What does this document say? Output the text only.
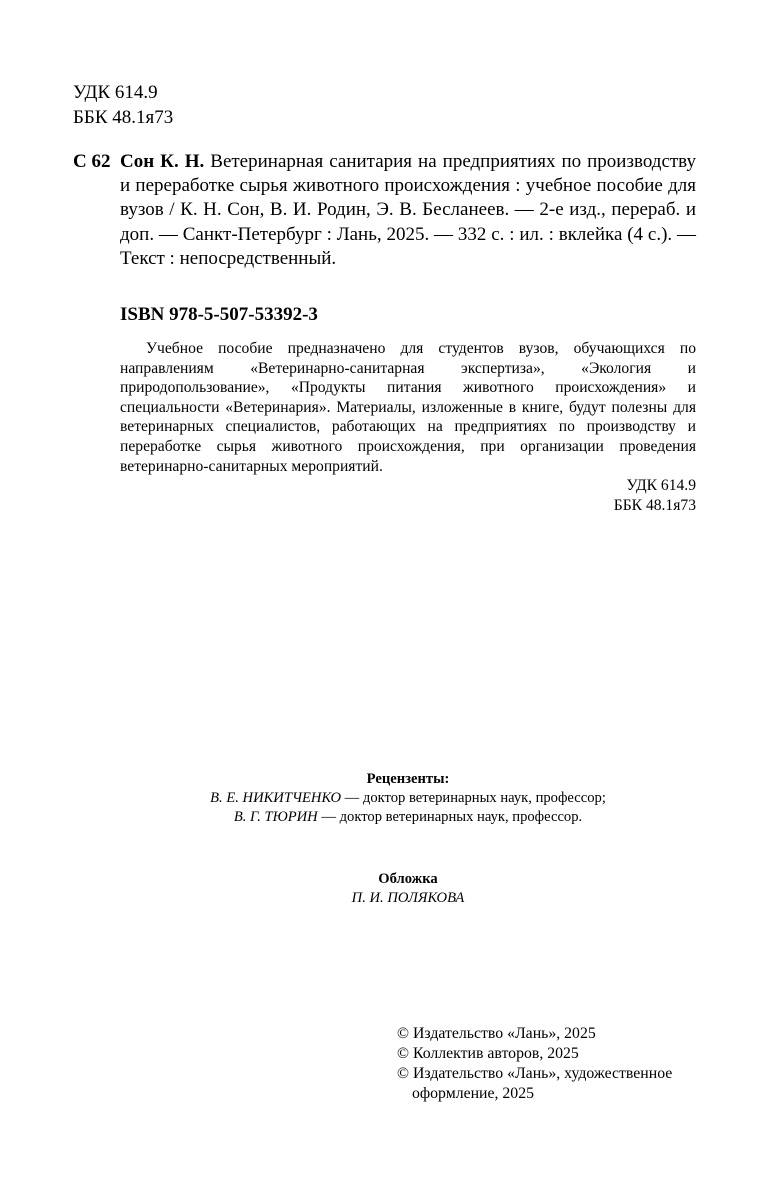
УДК 614.9
ББК 48.1я73
С 62 Сон К. Н. Ветеринарная санитария на предприятиях по производству и переработке сырья животного происхождения : учебное пособие для вузов / К. Н. Сон, В. И. Родин, Э. В. Бесланеев. — 2-е изд., перераб. и доп. — Санкт-Петербург : Лань, 2025. — 332 с. : ил. : вклейка (4 с.). — Текст : непосредственный.
ISBN 978-5-507-53392-3
Учебное пособие предназначено для студентов вузов, обучающихся по направлениям «Ветеринарно-санитарная экспертиза», «Экология и природопользование», «Продукты питания животного происхождения» и специальности «Ветеринария». Материалы, изложенные в книге, будут полезны для ветеринарных специалистов, работающих на предприятиях по производству и переработке сырья животного происхождения, при организации проведения ветеринарно-санитарных мероприятий.
УДК 614.9
ББК 48.1я73
Рецензенты:
В. Е. НИКИТЧЕНКО — доктор ветеринарных наук, профессор;
В. Г. ТЮРИН — доктор ветеринарных наук, профессор.
Обложка
П. И. ПОЛЯКОВА
© Издательство «Лань», 2025
© Коллектив авторов, 2025
© Издательство «Лань», художественное
оформление, 2025
